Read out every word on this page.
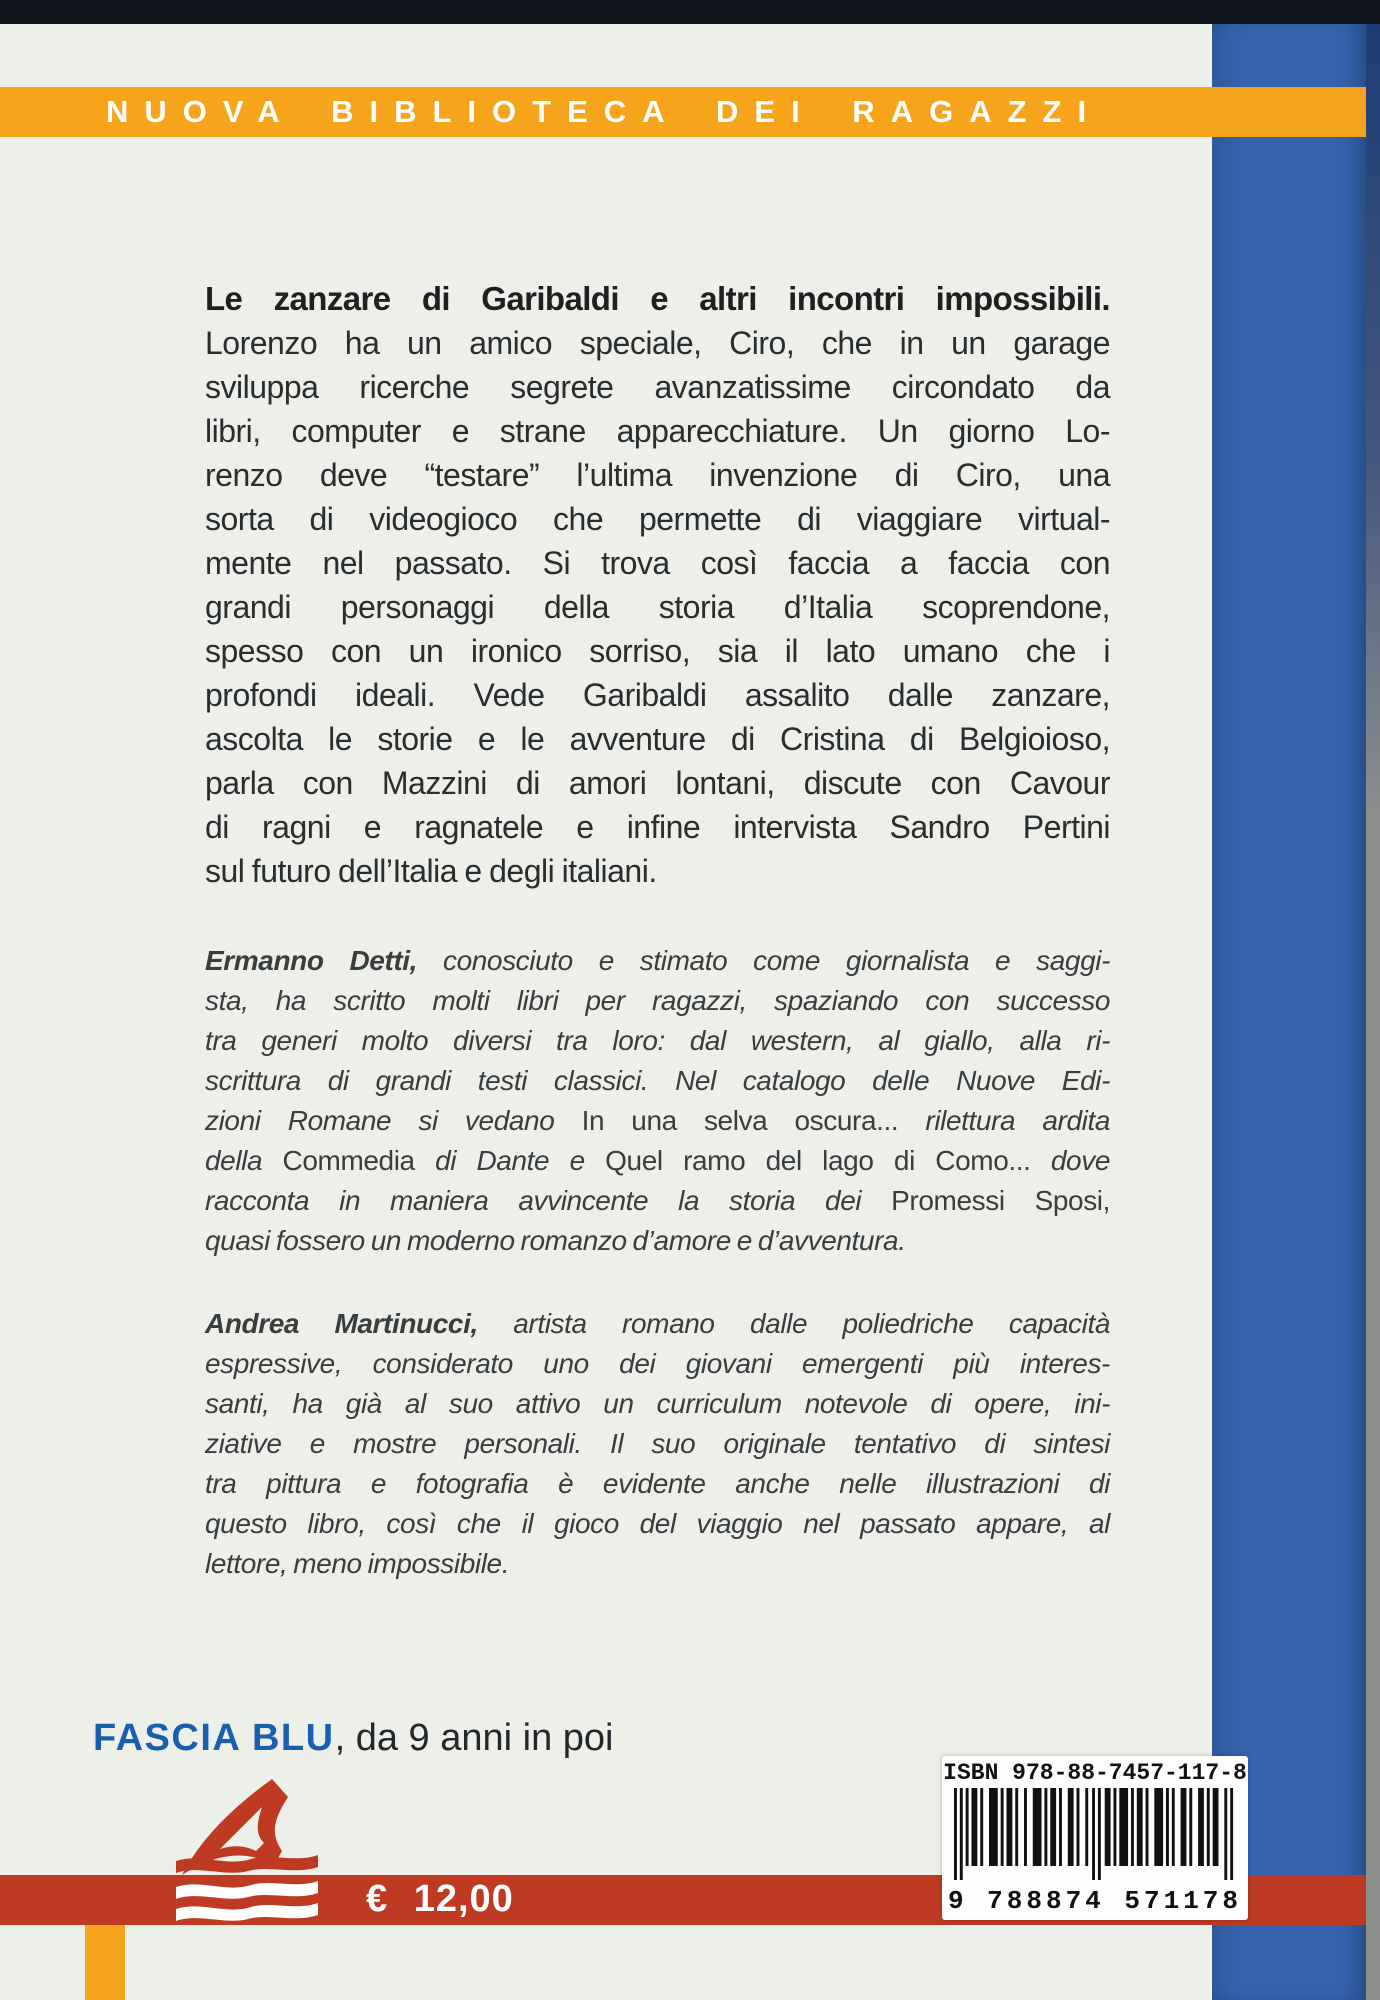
NUOVA BIBLIOTECA DEI RAGAZZI
Le zanzare di Garibaldi e altri incontri impossibili.
Lorenzo ha un amico speciale, Ciro, che in un garage
sviluppa ricerche segrete avanzatissime circondato da
libri, computer e strane apparecchiature. Un giorno Lo-
renzo deve “testare” l’ultima invenzione di Ciro, una
sorta di videogioco che permette di viaggiare virtual-
mente nel passato. Si trova così faccia a faccia con
grandi personaggi della storia d’Italia scoprendone,
spesso con un ironico sorriso, sia il lato umano che i
profondi ideali. Vede Garibaldi assalito dalle zanzare,
ascolta le storie e le avventure di Cristina di Belgioioso,
parla con Mazzini di amori lontani, discute con Cavour
di ragni e ragnatele e infine intervista Sandro Pertini
sul futuro dell’Italia e degli italiani.
Ermanno Detti, conosciuto e stimato come giornalista e saggi-
sta, ha scritto molti libri per ragazzi, spaziando con successo
tra generi molto diversi tra loro: dal western, al giallo, alla ri-
scrittura di grandi testi classici. Nel catalogo delle Nuove Edi-
zioni Romane si vedano In una selva oscura... rilettura ardita
della Commedia di Dante e Quel ramo del lago di Como... dove
racconta in maniera avvincente la storia dei Promessi Sposi,
quasi fossero un moderno romanzo d’amore e d’avventura.
Andrea Martinucci, artista romano dalle poliedriche capacità
espressive, considerato uno dei giovani emergenti più interes-
santi, ha già al suo attivo un curriculum notevole di opere, ini-
ziative e mostre personali. Il suo originale tentativo di sintesi
tra pittura e fotografia è evidente anche nelle illustrazioni di
questo libro, così che il gioco del viaggio nel passato appare, al
lettore, meno impossibile.
FASCIA BLU, da 9 anni in poi
€ 12,00
ISBN 978-88-7457-117-8
9 788874 571178
